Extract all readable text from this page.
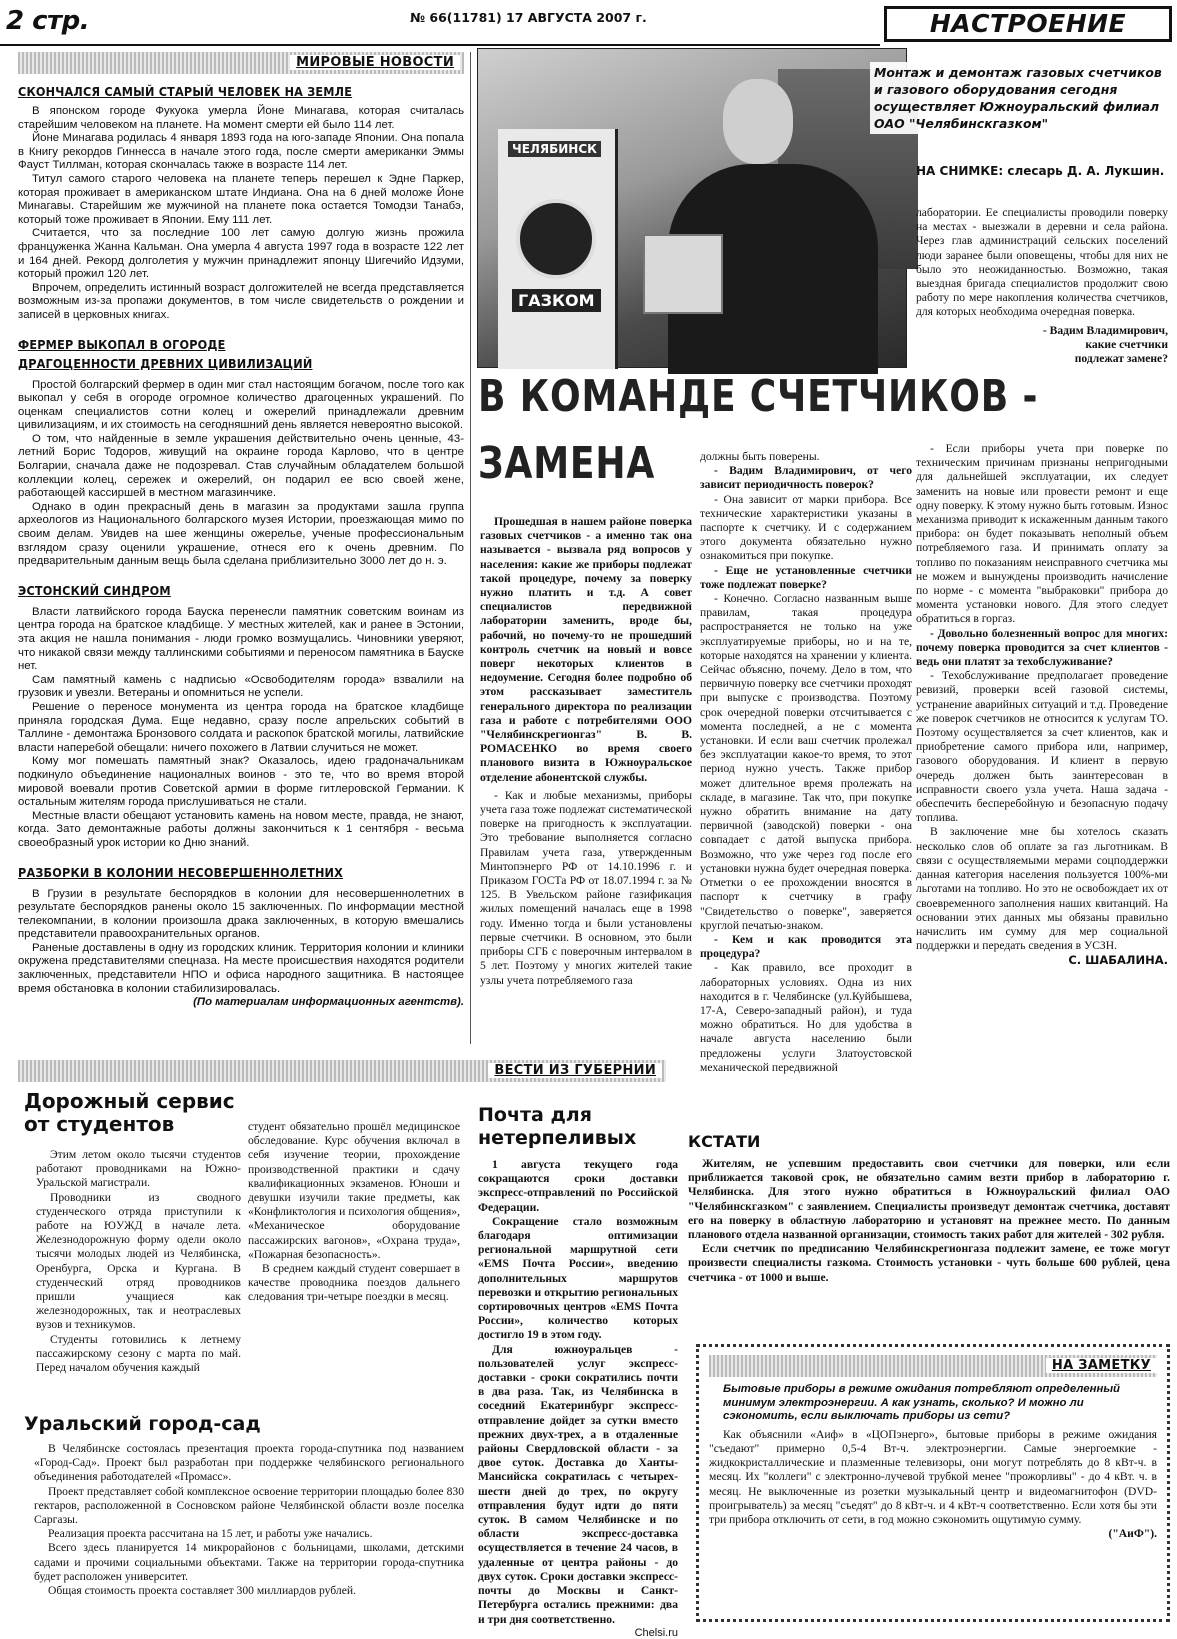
2 стр.	№ 66(11781) 17 АВГУСТА 2007 г.	НАСТРОЕНИЕ
МИРОВЫЕ НОВОСТИ
СКОНЧАЛСЯ САМЫЙ СТАРЫЙ ЧЕЛОВЕК НА ЗЕМЛЕ

В японском городе Фукуока умерла Йоне Минагава, которая считалась старейшим человеком на планете. На момент смерти ей было 114 лет.

Йоне Минагава родилась 4 января 1893 года на юго-западе Японии. Она попала в Книгу рекордов Гиннесса в начале этого года, после смерти американки Эммы Фауст Тиллман, которая скончалась также в возрасте 114 лет.

Титул самого старого человека на планете теперь перешел к Эдне Паркер, которая проживает в американском штате Индиана. Она на 6 дней моложе Йоне Минагавы. Старейшим же мужчиной на планете пока остается Томодзи Танабэ, который тоже проживает в Японии. Ему 111 лет.

Считается, что за последние 100 лет самую долгую жизнь прожила француженка Жанна Кальман. Она умерла 4 августа 1997 года в возрасте 122 лет и 164 дней. Рекорд долголетия у мужчин принадлежит японцу Шигечийо Идзуми, который прожил 120 лет.

Впрочем, определить истинный возраст долгожителей не всегда представляется возможным из-за пропажи документов, в том числе свидетельств о рождении и записей в церковных книгах.

ФЕРМЕР ВЫКОПАЛ В ОГОРОДЕ
ДРАГОЦЕННОСТИ ДРЕВНИХ ЦИВИЛИЗАЦИЙ

Простой болгарский фермер в один миг стал настоящим богачом, после того как выкопал у себя в огороде огромное количество драгоценных украшений. По оценкам специалистов сотни колец и ожерелий принадлежали древним цивилизациям, и их стоимость на сегодняшний день является невероятно высокой.

О том, что найденные в земле украшения действительно очень ценные, 43-летний Борис Тодоров, живущий на окраине города Карлово, что в центре Болгарии, сначала даже не подозревал. Став случайным обладателем большой коллекции колец, сережек и ожерелий, он подарил ее всю своей жене, работающей кассиршей в местном магазинчике.

Однако в один прекрасный день в магазин за продуктами зашла группа археологов из Национального болгарского музея Истории, проезжающая мимо по своим делам. Увидев на шее женщины ожерелье, ученые профессиональным взглядом сразу оценили украшение, отнеся его к очень древним. По предварительным данным вещь была сделана приблизительно 3000 лет до н. э.

ЭСТОНСКИЙ СИНДРОМ

Власти латвийского города Бауска перенесли памятник советским воинам из центра города на братское кладбище. У местных жителей, как и ранее в Эстонии, эта акция не нашла понимания - люди громко возмущались. Чиновники уверяют, что никакой связи между таллинскими событиями и переносом памятника в Бауске нет.

Сам памятный камень с надписью «Освободителям города» взвалили на грузовик и увезли. Ветераны и опомниться не успели.

Решение о переносе монумента из центра города на братское кладбище приняла городская Дума. Еще недавно, сразу после апрельских событий в Таллине - демонтажа Бронзового солдата и раскопок братской могилы, латвийские власти наперебой обещали: ничего похожего в Латвии случиться не может.

Кому мог помешать памятный знак? Оказалось, идею градоначальникам подкинуло объединение националных воинов - это те, что во время второй мировой воевали против Советской армии в форме гитлеровской Германии. К остальным жителям города прислушиваться не стали.

Местные власти обещают установить камень на новом месте, правда, не знают, когда. Зато демонтажные работы должны закончиться к 1 сентября - весьма своеобразный урок истории ко Дню знаний.

РАЗБОРКИ В КОЛОНИИ НЕСОВЕРШЕННОЛЕТНИХ

В Грузии в результате беспорядков в колонии для несовершеннолетних в результате беспорядков ранены около 15 заключенных. По информации местной телекомпании, в колонии произошла драка заключенных, в которую вмешались представители правоохранительных органов.

Раненые доставлены в одну из городских клиник. Территория колонии и клиники окружена представителями спецназа. На месте происшествия находятся родители заключенных, представители НПО и офиса народного защитника. В настоящее время обстановка в колонии стабилизировалась.

(По материалам информационных агентств).
ЧЕЛЯБИНСК
ГАЗКОМ
Монтаж и демонтаж газовых счетчиков и газового оборудования сегодня осуществляет Южноуральский филиал ОАО "Челябинскгазком"
НА СНИМКЕ: слесарь Д. А. Лукшин.

лаборатории. Ее специалисты проводили поверку на местах - выезжали в деревни и села района. Через глав администраций сельских поселений люди заранее были оповещены, чтобы для них не было это неожиданностью. Возможно, такая выездная бригада специалистов продолжит свою работу по мере накопления количества счетчиков, для которых необходима очередная поверка.

- Вадим Владимирович, какие счетчики подлежат замене?
В КОМАНДЕ СЧЕТЧИКОВ -
ЗАМЕНА

Прошедшая в нашем районе поверка газовых счетчиков - а именно так она называется - вызвала ряд вопросов у населения: какие же приборы подлежат такой процедуре, почему за поверку нужно платить и т.д. А совет специалистов передвижной лаборатории заменить, вроде бы, рабочий, но почему-то не прошедший контроль счетчик на новый и вовсе поверг некоторых клиентов в недоумение. Сегодня более подробно об этом рассказывает заместитель генерального директора по реализации газа и работе с потребителями ООО "Челябинскрегионгаз" В. В. РОМАСЕНКО во время своего планового визита в Южноуральское отделение абонентской службы.

- Как и любые механизмы, приборы учета газа тоже подлежат систематической поверке на пригодность к эксплуатации. Это требование выполняется согласно Правилам учета газа, утвержденным Минтопэнерго РФ от 14.10.1996 г. и Приказом ГОСТа РФ от 18.07.1994 г. за № 125. В Увельском районе газификация жилых помещений началась еще в 1998 году. Именно тогда и были установлены первые счетчики. В основном, это были приборы СГБ с поверочным интервалом в 5 лет. Поэтому у многих жителей такие узлы учета потребляемого газа

должны быть поверены.

- Вадим Владимирович, от чего зависит периодичность поверок?

- Она зависит от марки прибора. Все технические характеристики указаны в паспорте к счетчику. И с содержанием этого документа обязательно нужно ознакомиться при покупке.

- Еще не установленные счетчики тоже подлежат поверке?

- Конечно. Согласно названным выше правилам, такая процедура распространяется не только на уже эксплуатируемые приборы, но и на те, которые находятся на хранении у клиента. Сейчас объясню, почему. Дело в том, что первичную поверку все счетчики проходят при выпуске с производства. Поэтому срок очередной поверки отсчитывается с момента последней, а не с момента установки. И если ваш счетчик пролежал без эксплуатации какое-то время, то этот период нужно учесть. Также прибор может длительное время пролежать на складе, в магазине. Так что, при покупке нужно обратить внимание на дату первичной (заводской) поверки - она совпадает с датой выпуска прибора. Возможно, что уже через год после его установки нужна будет очередная поверка. Отметки о ее прохождении вносятся в паспорт к счетчику в графу "Свидетельство о поверке", заверяется круглой печатью-знаком.

- Кем и как проводится эта процедура?

- Как правило, все проходит в лабораторных условиях. Одна из них находится в г. Челябинске (ул.Куйбышева, 17-А, Северо-западный район), и туда можно обратиться. Но для удобства в начале августа населению были предложены услуги Златоустовской механической передвижной

- Если приборы учета при поверке по техническим причинам признаны непригодными для дальнейшей эксплуатации, их следует заменить на новые или провести ремонт и еще одну поверку. К этому нужно быть готовым. Износ механизма приводит к искаженным данным такого прибора: он будет показывать неполный объем потребляемого газа. И принимать оплату за топливо по показаниям неисправного счетчика мы не можем и вынуждены производить начисление по норме - с момента "выбраковки" прибора до момента установки нового. Для этого следует обратиться в горгаз.

- Довольно болезненный вопрос для многих: почему поверка проводится за счет клиентов - ведь они платят за техобслуживание?

- Техобслуживание предполагает проведение ревизий, проверки всей газовой системы, устранение аварийных ситуаций и т.д. Проведение же поверок счетчиков не относится к услугам ТО. Поэтому осуществляется за счет клиентов, как и приобретение самого прибора или, например, газового оборудования. И клиент в первую очередь должен быть заинтересован в исправности своего узла учета. Наша задача - обеспечить бесперебойную и безопасную подачу топлива.

В заключение мне бы хотелось сказать несколько слов об оплате за газ льготникам. В связи с осуществляемыми мерами соцподдержки данная категория населения пользуется 100%-ми льготами на топливо. Но это не освобождает их от своевременного заполнения наших квитанций. На основании этих данных мы обязаны правильно начислить им сумму для мер социальной поддержки и передать сведения в УСЗН.

С. ШАБАЛИНА.
ВЕСТИ ИЗ ГУБЕРНИИ
Дорожный сервис
от студентов

Этим летом около тысячи студентов работают проводниками на Южно-Уральской магистрали.

Проводники из сводного студенческого отряда приступили к работе на ЮУЖД в начале лета. Железнодорожную форму одели около тысячи молодых людей из Челябинска, Оренбурга, Орска и Кургана. В студенческий отряд проводников пришли учащиеся как железнодорожных, так и неотраслевых вузов и техникумов.

Студенты готовились к летнему пассажирскому сезону с марта по май. Перед началом обучения каждый

студент обязательно прошёл медицинское обследование. Курс обучения включал в себя изучение теории, прохождение производственной практики и сдачу квалификационных экзаменов. Юноши и девушки изучили такие предметы, как «Конфликтология и психология общения», «Механическое оборудование пассажирских вагонов», «Охрана труда», «Пожарная безопасность».

В среднем каждый студент совершает в качестве проводника поездов дальнего следования три-четыре поездки в месяц.

Уральский город-сад

В Челябинске состоялась презентация проекта города-спутника под названием «Город-Сад». Проект был разработан при поддержке челябинского регионального объединения работодателей «Промасс».

Проект представляет собой комплексное освоение территории площадью более 830 гектаров, расположенной в Сосновском районе Челябинской области возле поселка Саргазы.

Реализация проекта рассчитана на 15 лет, и работы уже начались.

Всего здесь планируется 14 микрорайонов с больницами, школами, детскими садами и прочими социальными объектами. Также на территории города-спутника будет расположен университет.

Общая стоимость проекта составляет 300 миллиардов рублей.

Почта для
нетерпеливых

1 августа текущего года сокращаются сроки доставки экспресс-отправлений по Российской Федерации.

Сокращение стало возможным благодаря оптимизации региональной маршрутной сети «EMS Почта России», введению дополнительных маршрутов перевозки и открытию региональных сортировочных центров «EMS Почта России», количество которых достигло 19 в этом году.

Для южноуральцев - пользователей услуг экспресс-доставки - сроки сократились почти в два раза. Так, из Челябинска в соседний Екатеринбург экспресс-отправление дойдет за сутки вместо прежних двух-трех, а в отдаленные районы Свердловской области - за двое суток. Доставка до Ханты-Мансийска сократилась с четырех-шести дней до трех, по округу отправления будут идти до пяти суток. В самом Челябинске и по области экспресс-доставка осуществляется в течение 24 часов, в удаленные от центра районы - до двух суток. Сроки доставки экспресс-почты до Москвы и Санкт-Петербурга остались прежними: два и три дня соответственно.

Chelsi.ru
КСТАТИ

Жителям, не успевшим предоставить свои счетчики для поверки, или если приближается таковой срок, не обязательно самим везти прибор в лабораторию г. Челябинска. Для этого нужно обратиться в Южноуральский филиал ОАО "Челябинскгазком" с заявлением. Специалисты произведут демонтаж счетчика, доставят его на поверку в областную лабораторию и установят на прежнее место. По данным планового отдела названной организации, стоимость таких работ для жителей - 302 рубля.

Если счетчик по предписанию Челябинскрегионгаза подлежит замене, ее тоже могут произвести специалисты газкома. Стоимость установки - чуть больше 600 рублей, цена счетчика - от 1000 и выше.

НА ЗАМЕТКУ
Бытовые приборы в режиме ожидания потребляют определенный минимум электроэнергии. А как узнать, сколько? И можно ли сэкономить, если выключать приборы из сети?

Как объяснили «Аиф» в «ЦОПэнерго», бытовые приборы в режиме ожидания "съедают" примерно 0,5-4 Вт-ч. электроэнергии. Самые энергоемкие - жидкокристаллические и плазменные телевизоры, они могут потреблять до 8 кВт-ч. в месяц. Их "коллеги" с электронно-лучевой трубкой менее "прожорливы" - до 4 кВт. ч. в месяц. Не выключенные из розетки музыкальный центр и видеомагнитофон (DVD-проигрыватель) за месяц "съедят" до 8 кВт-ч. и 4 кВт-ч соответственно. Если хотя бы эти три прибора отключить от сети, в год можно сэкономить ощутимую сумму.

("АиФ").
